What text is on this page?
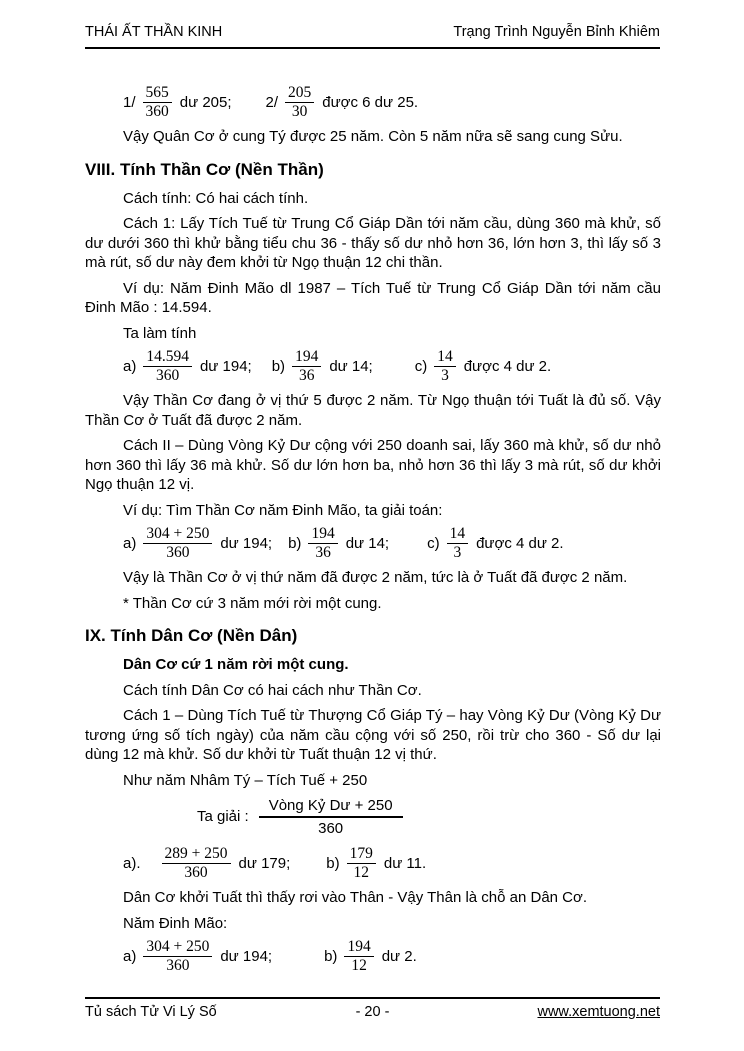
THÁI ẤT THẦN KINH	Trạng Trình Nguyễn Bỉnh Khiêm
$1/ \frac{565}{360}$ dư 205; $2/ \frac{205}{30}$ được 6 dư 25.

Vậy Quân Cơ ở cung Tý được 25 năm. Còn 5 năm nữa sẽ sang cung Sửu.

VIII. Tính Thần Cơ (Nền Thần)

Cách tính: Có hai cách tính.

Cách 1: Lấy Tích Tuế từ Trung Cổ Giáp Dần tới năm cầu, dùng 360 mà khử, số dư dưới 360 thì khử bằng tiểu chu 36 - thấy số dư nhỏ hơn 36, lớn hơn 3, thì lấy số 3 mà rút, số dư này đem khởi từ Ngọ thuận 12 chi thần.

Ví dụ: Năm Đinh Mão dl 1987 – Tích Tuế từ Trung Cổ Giáp Dần tới năm cầu Đinh Mão : 14.594.

Ta làm tính

$a) \frac{14.594}{360}$ dư 194; $b) \frac{194}{36}$ dư 14;	$c) \frac{14}{3}$ được 4 dư 2.

Vậy Thần Cơ đang ở vị thứ 5 được 2 năm. Từ Ngọ thuận tới Tuất là đủ số. Vậy Thần Cơ ở Tuất đã được 2 năm.

Cách II – Dùng Vòng Kỷ Dư cộng với 250 doanh sai, lấy 360 mà khử, số dư nhỏ hơn 360 thì lấy 36 mà khử. Số dư lớn hơn ba, nhỏ hơn 36 thì lấy 3 mà rút, số dư khởi Ngọ thuận 12 vị.

Ví dụ: Tìm Thần Cơ năm Đinh Mão, ta giải toán:

$a) \frac{304 + 250}{360}$ dư 194; $b) \frac{194}{36}$ dư 14;	$c) \frac{14}{3}$ được 4 dư 2.

Vậy là Thần Cơ ở vị thứ năm đã được 2 năm, tức là ở Tuất đã được 2 năm.

* Thần Cơ cứ 3 năm mới rời một cung.

IX. Tính Dân Cơ (Nền Dân)

Dân Cơ cứ 1 năm rời một cung.

Cách tính Dân Cơ có hai cách như Thần Cơ.

Cách 1 – Dùng Tích Tuế từ Thượng Cổ Giáp Tý – hay Vòng Kỷ Dư (Vòng Kỷ Dư tương ứng số tích ngày) của năm cầu cộng với số 250, rồi trừ cho 360 - Số dư lại dùng 12 mà khử. Số dư khởi từ Tuất thuận 12 vị thứ.

Như năm Nhâm Tý – Tích Tuế + 250

Ta giải :
Vòng Kỷ Dư + 250
360
a). $\frac{289 + 250}{360}$ dư 179; $b) \frac{179}{12}$ dư 11.

Dân Cơ khởi Tuất thì thấy rơi vào Thân - Vậy Thân là chỗ an Dân Cơ.

Năm Đinh Mão:

$a) \frac{304 + 250}{360}$ dư 194;	$b) \frac{194}{12}$ dư 2.
- 20 -
Tủ sách Tử Vi Lý Số	www.xemtuong.net
